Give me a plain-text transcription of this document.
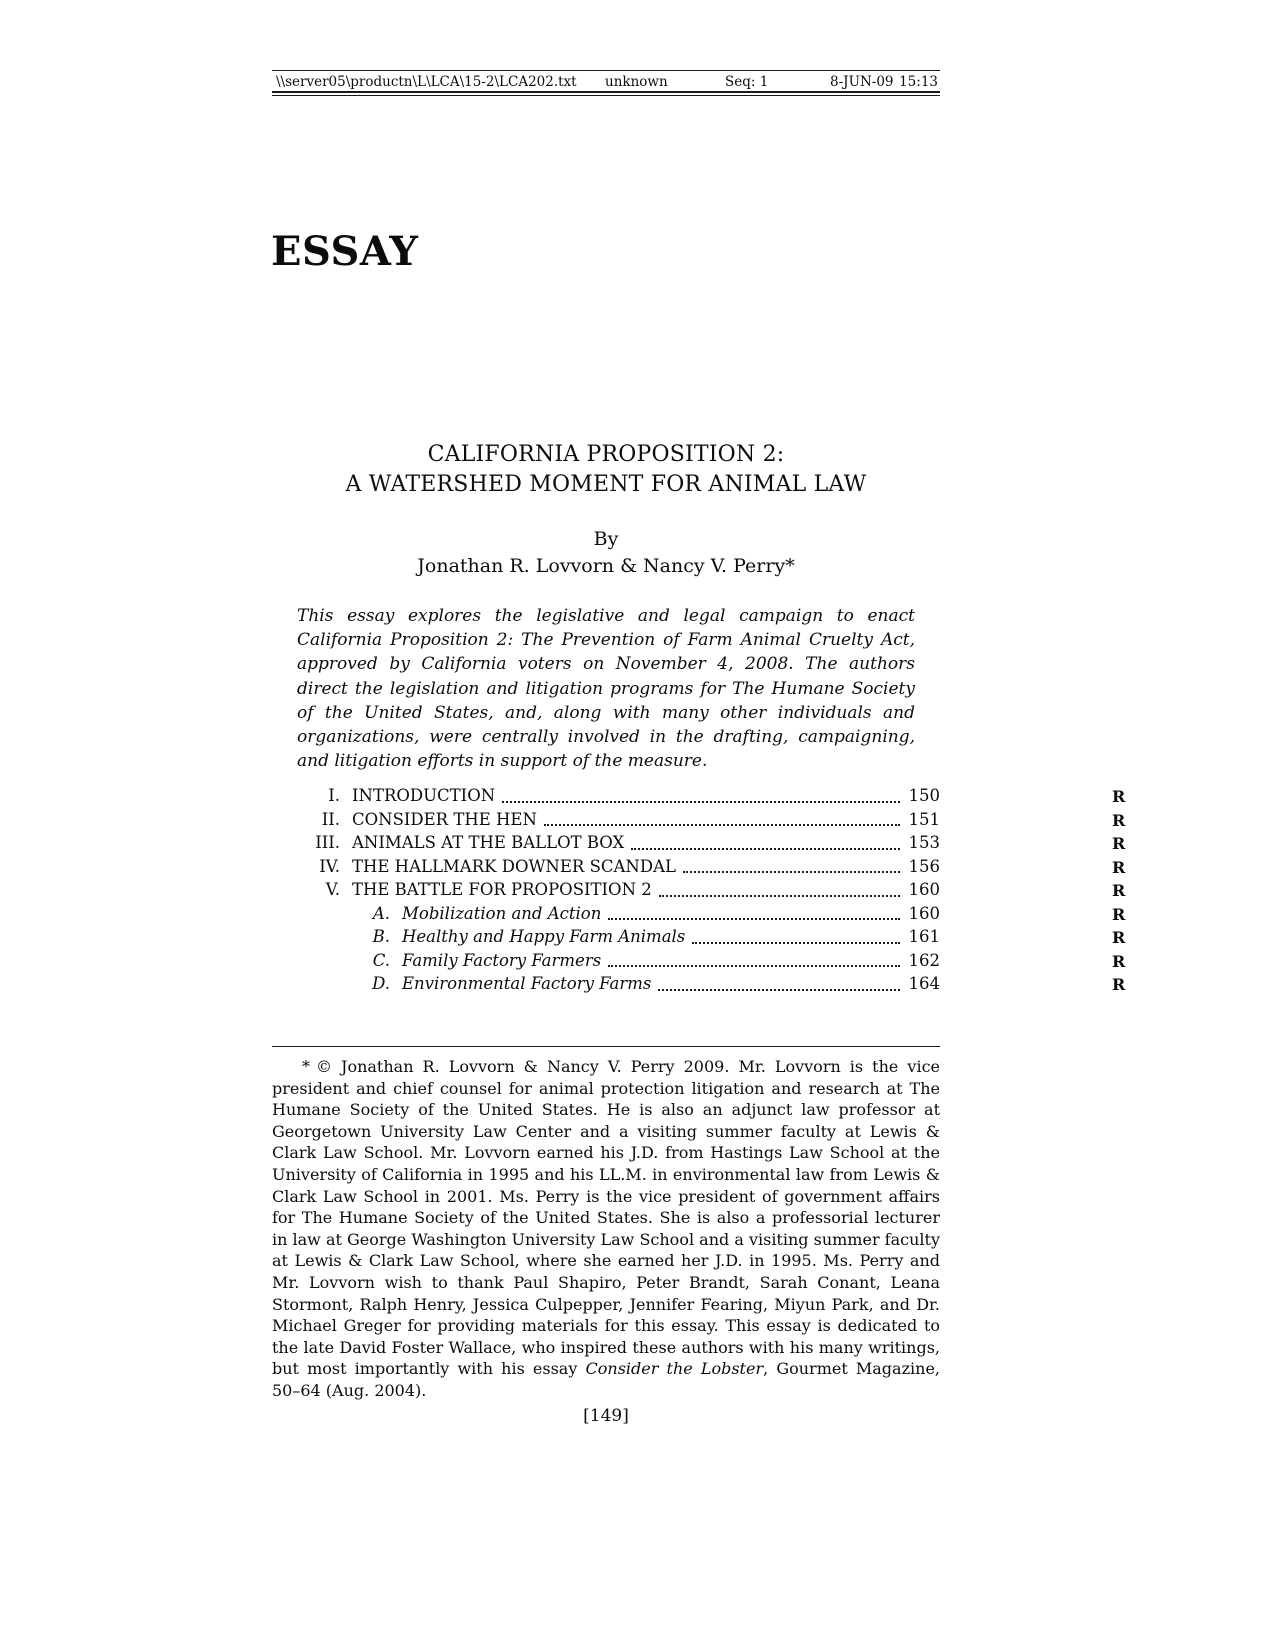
\\server05\productn\L\LCA\15-2\LCA202.txt unknown	Seq: 1	8-JUN-09 15:13
ESSAY
CALIFORNIA PROPOSITION 2:
A WATERSHED MOMENT FOR ANIMAL LAW
By
Jonathan R. Lovvorn & Nancy V. Perry*
This essay explores the legislative and legal campaign to enact California Proposition 2: The Prevention of Farm Animal Cruelty Act, approved by California voters on November 4, 2008. The authors direct the legislation and litigation programs for The Humane Society of the United States, and, along with many other individuals and organizations, were centrally involved in the drafting, campaigning, and litigation efforts in support of the measure.
I. INTRODUCTION	150	R
II. CONSIDER THE HEN	151	R
III. ANIMALS AT THE BALLOT BOX	153	R
IV. THE HALLMARK DOWNER SCANDAL	156	R
V. THE BATTLE FOR PROPOSITION 2	160	R
A. Mobilization and Action	160	R
B. Healthy and Happy Farm Animals	161	R
C. Family Factory Farmers	162	R
D. Environmental Factory Farms	164	R
* © Jonathan R. Lovvorn & Nancy V. Perry 2009. Mr. Lovvorn is the vice president and chief counsel for animal protection litigation and research at The Humane Society of the United States. He is also an adjunct law professor at Georgetown University Law Center and a visiting summer faculty at Lewis & Clark Law School. Mr. Lovvorn earned his J.D. from Hastings Law School at the University of California in 1995 and his LL.M. in environmental law from Lewis & Clark Law School in 2001. Ms. Perry is the vice president of government affairs for The Humane Society of the United States. She is also a professorial lecturer in law at George Washington University Law School and a visiting summer faculty at Lewis & Clark Law School, where she earned her J.D. in 1995. Ms. Perry and Mr. Lovvorn wish to thank Paul Shapiro, Peter Brandt, Sarah Conant, Leana Stormont, Ralph Henry, Jessica Culpepper, Jennifer Fearing, Miyun Park, and Dr. Michael Greger for providing materials for this essay. This essay is dedicated to the late David Foster Wallace, who inspired these authors with his many writings, but most importantly with his essay Consider the Lobster, Gourmet Magazine, 50–64 (Aug. 2004).
[149]
